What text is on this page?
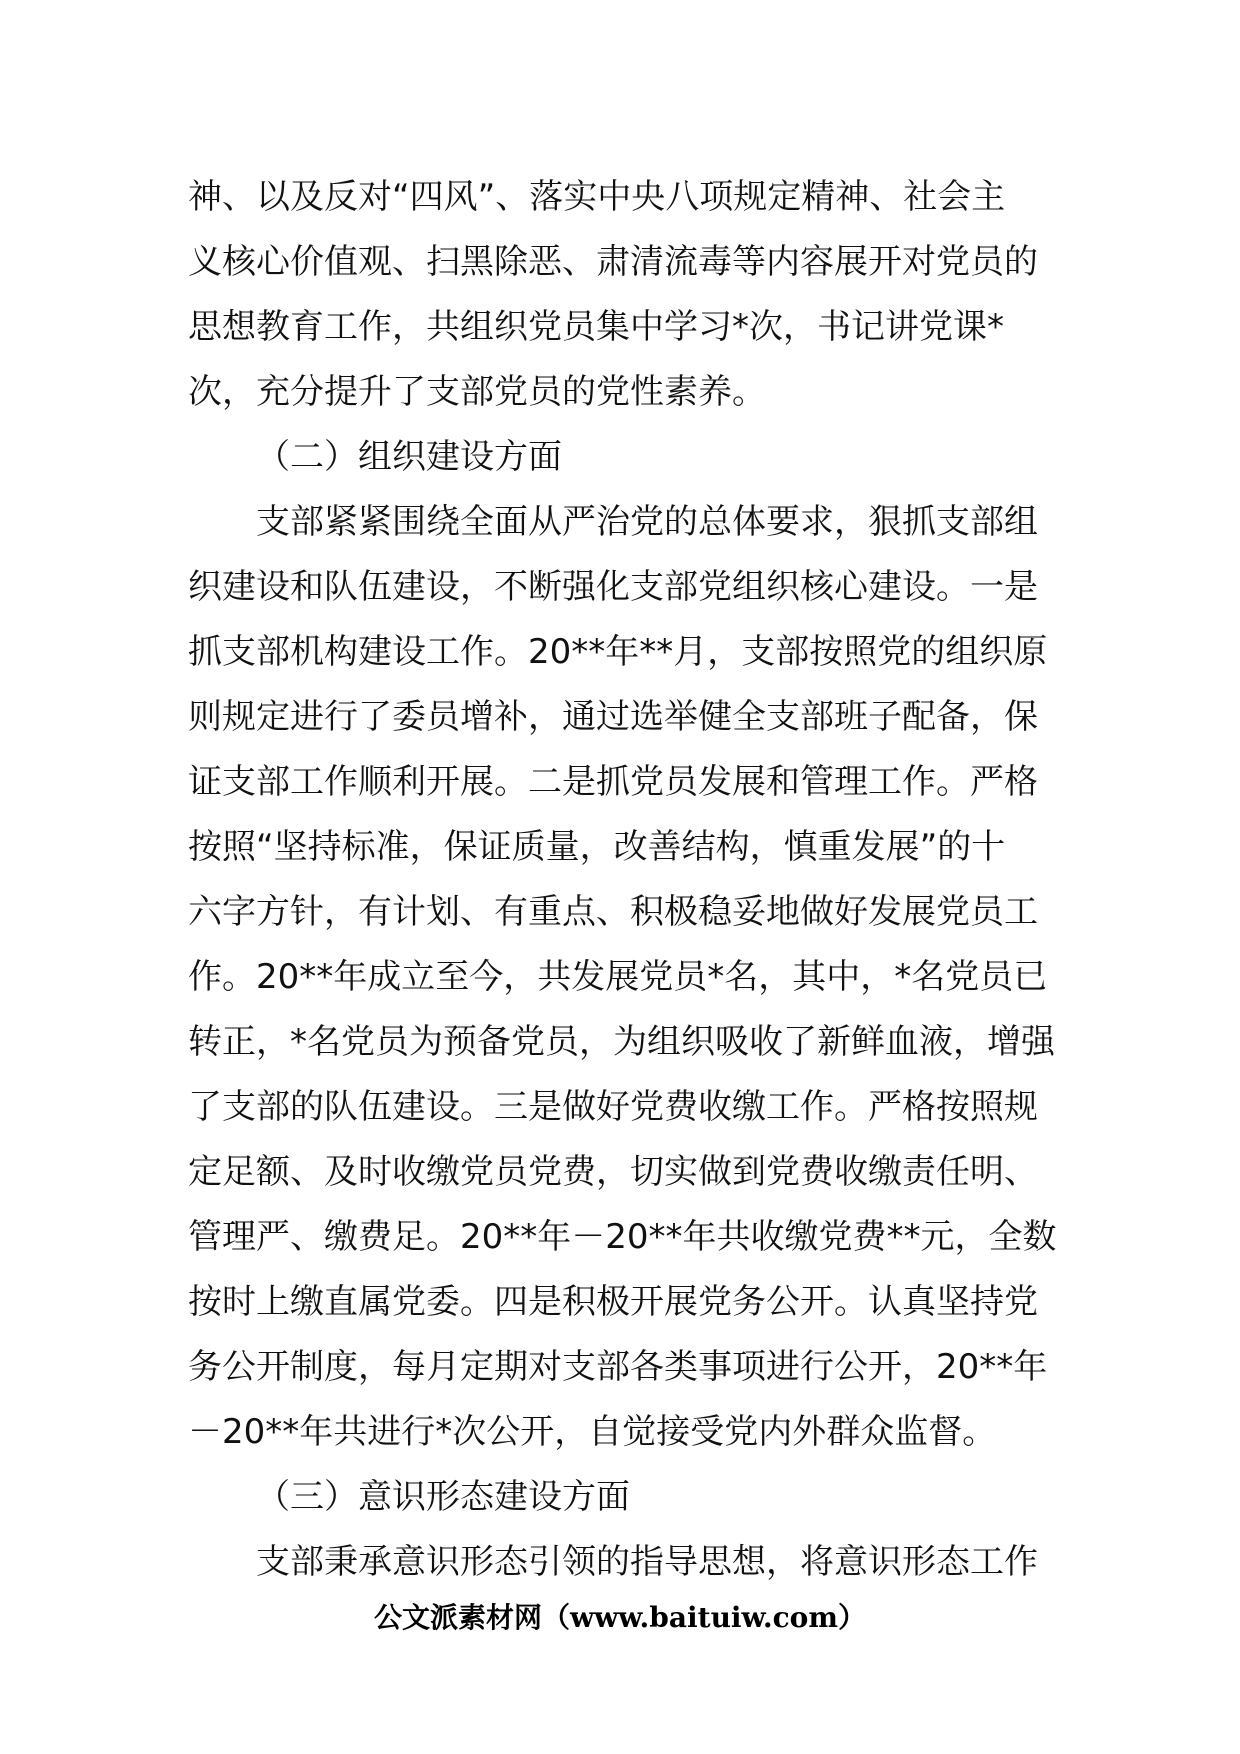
神、以及反对“四风”、落实中央八项规定精神、社会主
义核心价值观、扫黑除恶、肃清流毒等内容展开对党员的
思想教育工作，共组织党员集中学习*次，书记讲党课*
次，充分提升了支部党员的党性素养。
（二）组织建设方面
支部紧紧围绕全面从严治党的总体要求，狠抓支部组
织建设和队伍建设，不断强化支部党组织核心建设。一是
抓支部机构建设工作。20**年**月，支部按照党的组织原
则规定进行了委员增补，通过选举健全支部班子配备，保
证支部工作顺利开展。二是抓党员发展和管理工作。严格
按照“坚持标准，保证质量，改善结构，慎重发展”的十
六字方针，有计划、有重点、积极稳妥地做好发展党员工
作。20**年成立至今，共发展党员*名，其中，*名党员已
转正，*名党员为预备党员，为组织吸收了新鲜血液，增强
了支部的队伍建设。三是做好党费收缴工作。严格按照规
定足额、及时收缴党员党费，切实做到党费收缴责任明、
管理严、缴费足。20**年－20**年共收缴党费**元，全数
按时上缴直属党委。四是积极开展党务公开。认真坚持党
务公开制度，每月定期对支部各类事项进行公开，20**年
－20**年共进行*次公开，自觉接受党内外群众监督。
（三）意识形态建设方面
支部秉承意识形态引领的指导思想，将意识形态工作
公文派素材网（www.baituiw.com）
